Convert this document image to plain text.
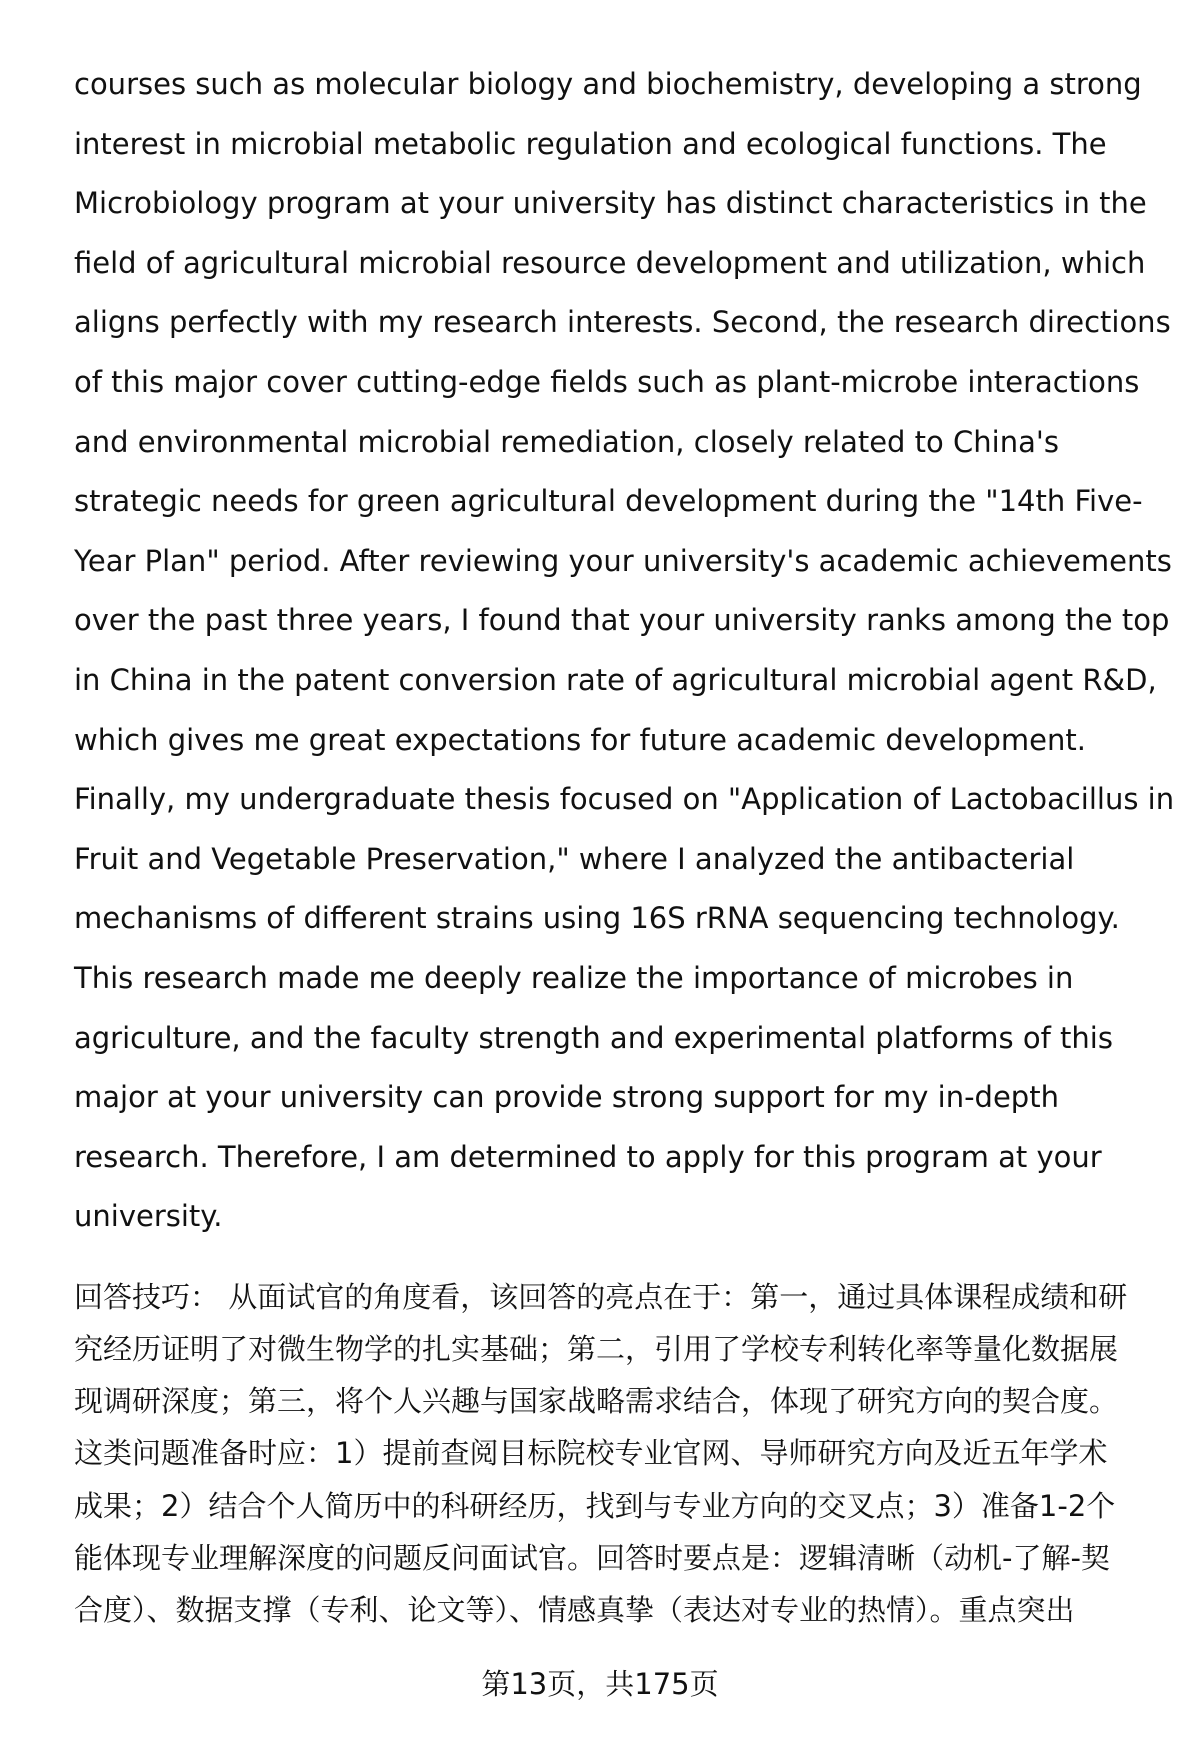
courses such as molecular biology and biochemistry, developing a strong
interest in microbial metabolic regulation and ecological functions. The
Microbiology program at your university has distinct characteristics in the
field of agricultural microbial resource development and utilization, which
aligns perfectly with my research interests. Second, the research directions
of this major cover cutting-edge fields such as plant-microbe interactions
and environmental microbial remediation, closely related to China's
strategic needs for green agricultural development during the "14th Five-
Year Plan" period. After reviewing your university's academic achievements
over the past three years, I found that your university ranks among the top
in China in the patent conversion rate of agricultural microbial agent R&D,
which gives me great expectations for future academic development.
Finally, my undergraduate thesis focused on "Application of Lactobacillus in
Fruit and Vegetable Preservation," where I analyzed the antibacterial
mechanisms of different strains using 16S rRNA sequencing technology.
This research made me deeply realize the importance of microbes in
agriculture, and the faculty strength and experimental platforms of this
major at your university can provide strong support for my in-depth
research. Therefore, I am determined to apply for this program at your
university.
回答技巧： 从面试官的角度看，该回答的亮点在于：第一，通过具体课程成绩和研
究经历证明了对微生物学的扎实基础；第二，引用了学校专利转化率等量化数据展
现调研深度；第三，将个人兴趣与国家战略需求结合，体现了研究方向的契合度。
这类问题准备时应：1）提前查阅目标院校专业官网、导师研究方向及近五年学术
成果；2）结合个人简历中的科研经历，找到与专业方向的交叉点；3）准备1-2个
能体现专业理解深度的问题反问面试官。回答时要点是：逻辑清晰（动机-了解-契
合度）、数据支撑（专利、论文等）、情感真挚（表达对专业的热情）。重点突出
第13页，共175页
